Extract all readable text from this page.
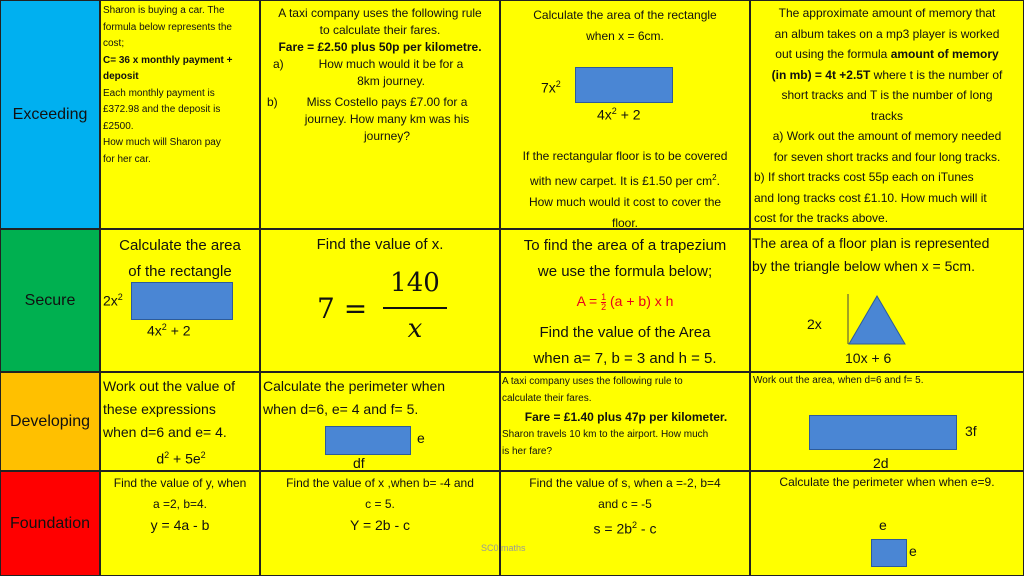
Exceeding
Secure
Developing
Foundation
Sharon is buying a car. The
formula below represents the
cost;
C= 36 x monthly payment +
deposit
Each monthly payment is
£372.98 and the deposit is
£2500.
How much will Sharon pay
for her car.
A taxi company uses the following rule
to calculate their fares.
Fare = £2.50 plus 50p per kilometre.
a)	How much would it be for a
8km journey.
b)	Miss Costello pays £7.00 for a
journey. How many km was his
journey?
Calculate the area of the rectangle
when x = 6cm.
$7x^2$
$4x^2 + 2$
If the rectangular floor is to be covered
with new carpet. It is £1.50 per $cm^2$.
How much would it cost to cover the
floor.
The approximate amount of memory that
an album takes on a mp3 player is worked
out using the formula amount of memory
(in mb) = 4t +2.5T where t is the number of
short tracks and T is the number of long
tracks
a) Work out the amount of memory needed
for seven short tracks and four long tracks.
b) If short tracks cost 55p each on iTunes
and long tracks cost £1.10. How much will it
cost for the tracks above.
Calculate the area
of the rectangle
$2x^2$
$4x^2 + 2$
Find the value of x.
7 =
140
x
To find the area of a trapezium
we use the formula below;
$A = \frac{1}{2} (a + b)$ x h
Find the value of the Area
when a= 7, b = 3 and h = 5.
The area of a floor plan is represented
by the triangle below when x = 5cm.
2x
10x + 6
Work out the value of
these expressions
when d=6 and e= 4.
$d^2 + 5e^2$
Calculate the perimeter when
when d=6, e= 4 and f= 5.
e
df
A taxi company uses the following rule to
calculate their fares.
Fare = £1.40 plus 47p per kilometer.
Sharon travels 10 km to the airport. How much
is her fare?
Work out the area, when d=6 and f= 5.
3f
2d
Find the value of y, when
a =2, b=4.
y = 4a - b
Find the value of x ,when b= -4 and
c = 5.
Y = 2b - c
Find the value of s, when a =-2, b=4
and c = -5
$s = 2b^2 - c$
Calculate the perimeter when when e=9.
e
e
SC0 maths
